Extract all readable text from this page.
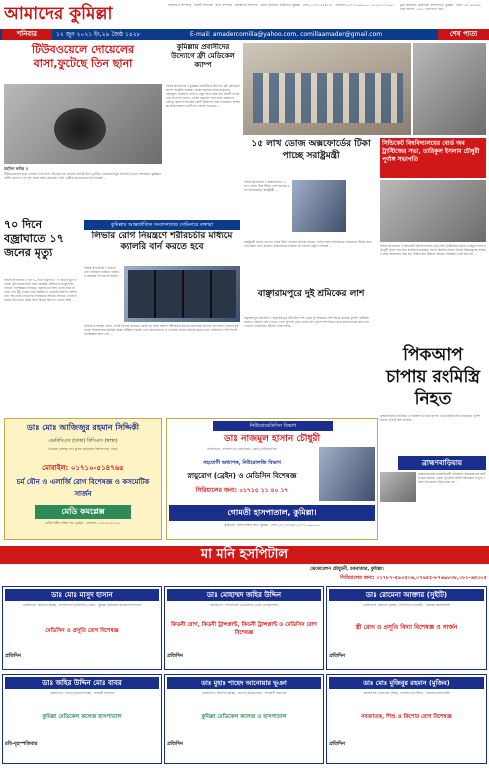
আমাদের কুমিল্লা	প্রকাশক ও সম্পাদক · নির্বাহী সম্পাদক · বার্তা সম্পাদক · ব্যবস্থাপনা সম্পাদক · প্রধান কার্যালয়: ঝাউতলা, কুমিল্লা · ফোন ০১৭১১-৯৫৪৫৩৮ · মোবাইল ০১৮১৭-০৯৬০০০ · ০১৫৫২-৩৫৭০০১	মুদ্রণ কার্যালয়: ঝাউতলা, কান্দিরপাড়, কুমিল্লা · ফোন: ০৮১-৬৫৩৬০ · ঢাকা অফিস: ২২/২, তোপখানা রোড
শনিবার	১২ জুন ২০২১ ইং,২৯ জৈষ্ঠ ১৪২৮	E-mail: amadercomilla@yahoo.com, comillaamader@gmail.com	শেষ পাতা
টিউবওয়েলে দোয়েলের বাসা,ফুটেছে তিন ছানা
মহসিন কবির ॥
টিউবওয়েলের মধ্যে দোয়েল পাখি বাসা বেঁধেছে এবং সেখানে তিনটি ছানা ফুটেছে। এলাকার মানুষ প্রতিদিন দেখতে আসছেন। কুমিল্লার গ্রামীণ জনপদে এই দৃশ্য সবার নজর কেড়েছে। পাখি প্রেমীরা ছানাগুলোর যত্ন নিচ্ছেন ...
৭০ দিনে বজ্রাঘাতে ১৭ জনের মৃত্যু
নিজস্ব প্রতিবেদক ॥ গত ৭০ দিনে বজ্রপাতে ১৭ জনের মৃত্যু হয়েছে। কৃষি কাজে মাঠে থাকা অবস্থায় বেশিরভাগ মানুষ মারা গেছেন। বিশেষজ্ঞরা বলছেন, বজ্রপাতের সময় খোলা মাঠে না থাকা এবং উঁচু গাছের নিচে আশ্রয় না নেওয়াই নিরাপদ। প্রশাসনের পক্ষ থেকে নিহতদের পরিবারকে আর্থিক সহায়তা দেওয়া হয়েছে। সচেতনতা বৃদ্ধির জন্য বিভিন্ন উদ্যোগ নেওয়া হচ্ছে ...
কুমিল্লায় প্রবাসীদের উদ্যোগে ফ্রী মেডিকেল ক্যাম্প
নিজস্ব প্রতিবেদক ॥ কুমিল্লায় প্রবাসীদের উদ্যোগে ফ্রী মেডিকেল ক্যাম্প অনুষ্ঠিত হয়েছে। গ্রামের অসহায় দরিদ্র মানুষদের বিনামূল্যে চিকিৎসা সেবা ও ওষুধ প্রদান করা হয়। প্রবাসী সংগঠনের সভাপতি বলেন, দেশের মানুষের পাশে থাকা আমাদের দায়িত্ব। ক্যাম্পে শতাধিক রোগী চিকিৎসা সেবা নিয়েছেন। বিশেষজ্ঞ চিকিৎসকগণ রোগীদের পরামর্শ দিয়েছেন ...
১৫ লাখ ডোজ অক্সফোর্ডের টিকা পাচ্ছে সরাষ্ট্রমন্ত্রী
নিজস্ব প্রতিবেদক ॥ অক্সফোর্ডের ১৫ লাখ ডোজ টিকা শীঘ্রই দেশে আসছে বলে জানিয়েছেন স্বরাষ্ট্রমন্ত্রী ...
স্বরাষ্ট্রমন্ত্রী বলেন, জাপান থেকে টিকা পাওয়ার প্রক্রিয়া চলছে। দেশের সকল নাগরিককে পর্যায়ক্রমে টিকার আওতায় আনা হবে। করোনা মোকাবেলায় সরকার সব ধরনের প্রস্তুতি নিয়েছে ...
সিন্ডিকেট বিশ্ববিদ্যালয়ের বোর্ড অব ট্রাস্টিজের সভা, তারিকুল ইসলাম চৌধুরী পূর্ণাঙ্গ সভাপতি
নিজস্ব প্রতিবেদক ॥ সিন্ডিকেট বিশ্ববিদ্যালয়ের বোর্ড অব ট্রাস্টিজের সভায় তারিকুল ইসলাম চৌধুরী পূর্ণাঙ্গ সভাপতি নির্বাচিত হয়েছেন। সভায় বিশ্ববিদ্যালয়ের বিভিন্ন উন্নয়নমূলক কার্যক্রম নিয়ে আলোচনা করা হয়। শিক্ষার মান উন্নয়নে বিভিন্ন পরিকল্পনা গ্রহণ করা হয় ...
কুমিল্লায় আন্তর্জাতিক সংবাদদাতার সেমিনারে বক্তারা
লিভার রোগ নিয়ন্ত্রণে শরীরচর্চার মাধ্যমে ক্যালরি বার্ন করতে হবে
নিজস্ব প্রতিবেদক ॥ লিভার রোগ নিয়ন্ত্রণে নিয়মিত ব্যায়াম ও স্বাস্থ্যকর খাদ্যাভ্যাস জরুরি ...
সেমিনারে বক্তারা বলেন, ফ্যাটি লিভার বর্তমানে একটি বড় স্বাস্থ্য সমস্যা। শরীরচর্চার মাধ্যমে অতিরিক্ত ক্যালরি বার্ন করলে লিভার সুস্থ থাকে। চিকিৎসকরা নিয়মিত স্বাস্থ্য পরীক্ষার পরামর্শ দেন। অ্যালকোহল ও তৈলাক্ত খাবার পরিহার করতে হবে। সেমিনারে দেশি বিদেশি বিশেষজ্ঞরা অংশ নেন ...
বাঞ্ছারামপুরে দুই শ্রমিকের লাশ
বাঞ্ছারামপুর প্রতিনিধি ॥ বাঞ্ছারামপুরে ইটভাটার পাশ থেকে দুই শ্রমিকের লাশ উদ্ধার করেছে পুলিশ। স্থানীয়রা জানান, সকালে লাশ দেখতে পেয়ে পুলিশে খবর দেওয়া হয়। পুলিশ লাশ উদ্ধার করে ময়নাতদন্তের জন্য হাসপাতালে পাঠিয়েছে। ঘটনার তদন্ত চলছে ...
পিকআপ চাপায় রংমিস্ত্রি নিহত
ডাঃ মোঃ আজিজুর রহমান সিদ্দিকী
এমবিবিএস (ঢাকা) বিসিএস (স্বাস্থ্য)
ডিপ্লোমা (বঙ্গবন্ধু শেখ মুজিব মেডিকেল বিশ্ববিদ্যালয়, ঢাকা)
মোবাইল: ০১৭১০-৫১৪৭৬৫
চর্ম যৌন ও এলার্জি রোগ বিশেষজ্ঞ ও কসমেটিক সার্জন
মেডি কমপ্লেক্স
রানীর দিঘীর পশ্চিম পাড়, কুমিল্লা · মোবাইল: ০১৮১৯-৫৮২২৫৫
নিউরোমেডিসিন বিভাগ
ডাঃ নাজমুল হাসান চৌধুরী
এমবিবিএস, এফসিপিএস (মেডিসিন), এমডি (নিউরোলজি)
সহযোগী অধ্যাপক, নিউরোলজি বিভাগ
স্নায়ুরোগ (ব্রেইন) ও মেডিসিন বিশেষজ্ঞ
সিরিয়ালের জন্য: ০১৭১৫ ১১ ৪০ ১৭
গোমতী হাসপাতাল, কুমিল্লা।
ঝাউতলা, পুলিশ লাইন্স রোড, কুমিল্লা · ফোন: ০৮১-৬১৬৯৮, ০১৭১১-০০০০০০
ব্রাহ্মণবাড়িয়া প্রতিনিধি ॥ পিকআপ ভ্যানের চাপায় এক রংমিস্ত্রি নিহত হয়েছেন। পুলিশ ঘাতক গাড়িটি জব্দ করেছে ...
ব্রাহ্মণবাড়িয়ায়
ব্রাহ্মণবাড়িয়ায় মাদকবিরোধী অভিযানে কয়েকজনকে আটক করা হয়েছে। জেলা পুলিশের বিশেষ অভিযানে বিপুল পরিমাণ মাদকদ্রব্য উদ্ধার করা হয় ...
মা মনি হসপিটাল
ডেকোরেশন চৌমুহনী, চকবাজার, কুমিল্লা।
সিরিয়ালের জন্য: ০১৭৮৭-৫৯৩৫০৬,০৭৬৫৫-৮৭৬৯৮৩৮,০৮১-৬৫৩০৫
ডাঃ মোঃ মাসুদ হাসান
এমবিবিএস, বিসিএস (স্বাস্থ্য), এফসিপিএস (মেডিসিন), এমডি · কুমিল্লা মেডিকেল কলেজ হাসপাতাল
মেডিসিন ও প্রসূতি রোগ বিশেষজ্ঞ
প্রতিদিন
ডাঃ মোহাম্মদ জহির উদ্দিন
এমবিবিএস, এফসিপিএস (মেডিসিন), এমডি (নেফ্রোলজি)
কিডনী রোগ, কিডনী ট্রান্সপ্লান্ট, কিডনী ট্রান্সপ্লান্ট ও মেডিসিন রোগ বিশেষজ্ঞ
প্রতিদিন
ডাঃ রোমেনা আক্তার (সুইটি)
এমবিবিএস, বিসিএস (স্বাস্থ্য), এফসিপিএস (গাইনী) · সিনিয়র কনসালটেন্ট
স্ত্রী রোগ ও প্রসূতি বিদ্যা বিশেষজ্ঞ ও সার্জন
প্রতিদিন
ডাঃ জহির উদ্দিন মোঃ বাবর
এমবিবিএস, এমএস (অর্থোপেডিক্স) · সহকারী অধ্যাপক
কুমিল্লা মেডিকেল কলেজ হাসপাতাল
রবি-বৃহস্পতিবার
ডাঃ মুহাঃ শাহেদ আনোয়ার ভূঞা
এমবিবিএস, বিসিএস (স্বাস্থ্য), এমএস (ইউরোলজি) · সহযোগী অধ্যাপক
কুমিল্লা মেডিকেল কলেজ ও হাসপাতাল
প্রতিদিন
ডাঃ মোঃ মুজিবুর রহমান (মুজিব)
এমবিবিএস, ডিসিএইচ (শিশু), এফসিপিএস (শিশু) · সিনিয়র কনসালটেন্ট
নবজাতক, শিশু ও কিশোর রোগ বিশেষজ্ঞ
প্রতিদিন
